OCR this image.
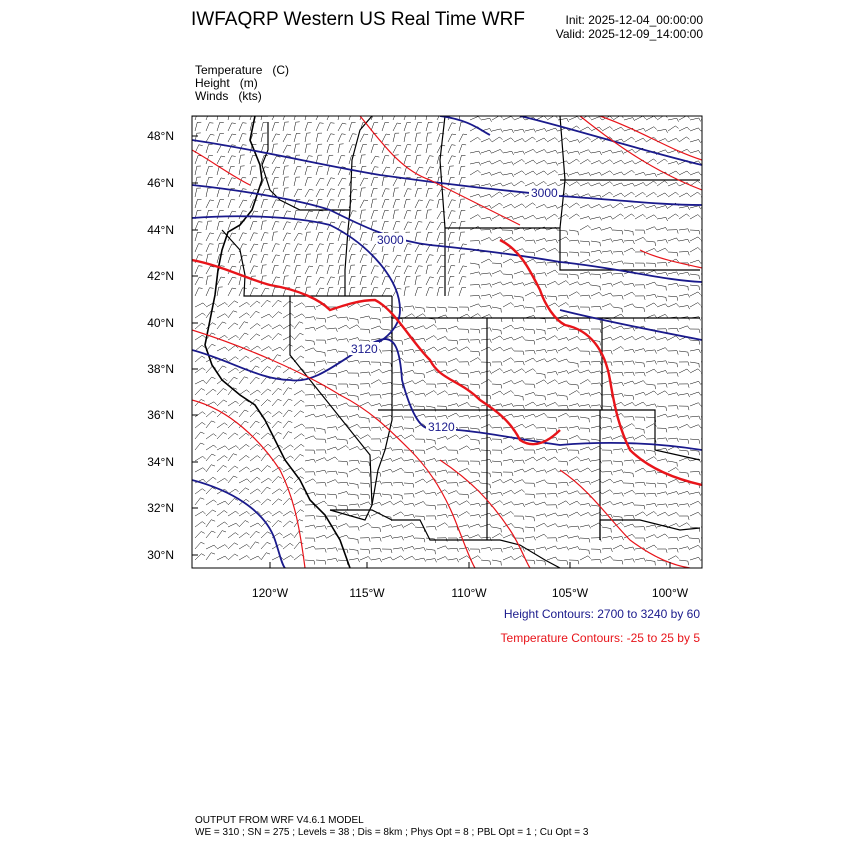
IWFAQRP Western US Real Time WRF	Init: 2025-12-04_00:00:00
Valid: 2025-12-09_14:00:00
Temperature (C)
Height (m)
Winds (kts)
3000
3000
3120
3120
48°N
46°N
44°N
42°N
40°N
38°N
36°N
34°N
32°N
30°N
120°W	115°W	110°W	105°W	100°W
Height Contours: 2700 to 3240 by 60
Temperature Contours: -25 to 25 by 5
OUTPUT FROM WRF V4.6.1 MODEL
WE = 310 ; SN = 275 ; Levels = 38 ; Dis = 8km ; Phys Opt = 8 ; PBL Opt = 1 ; Cu Opt = 3
